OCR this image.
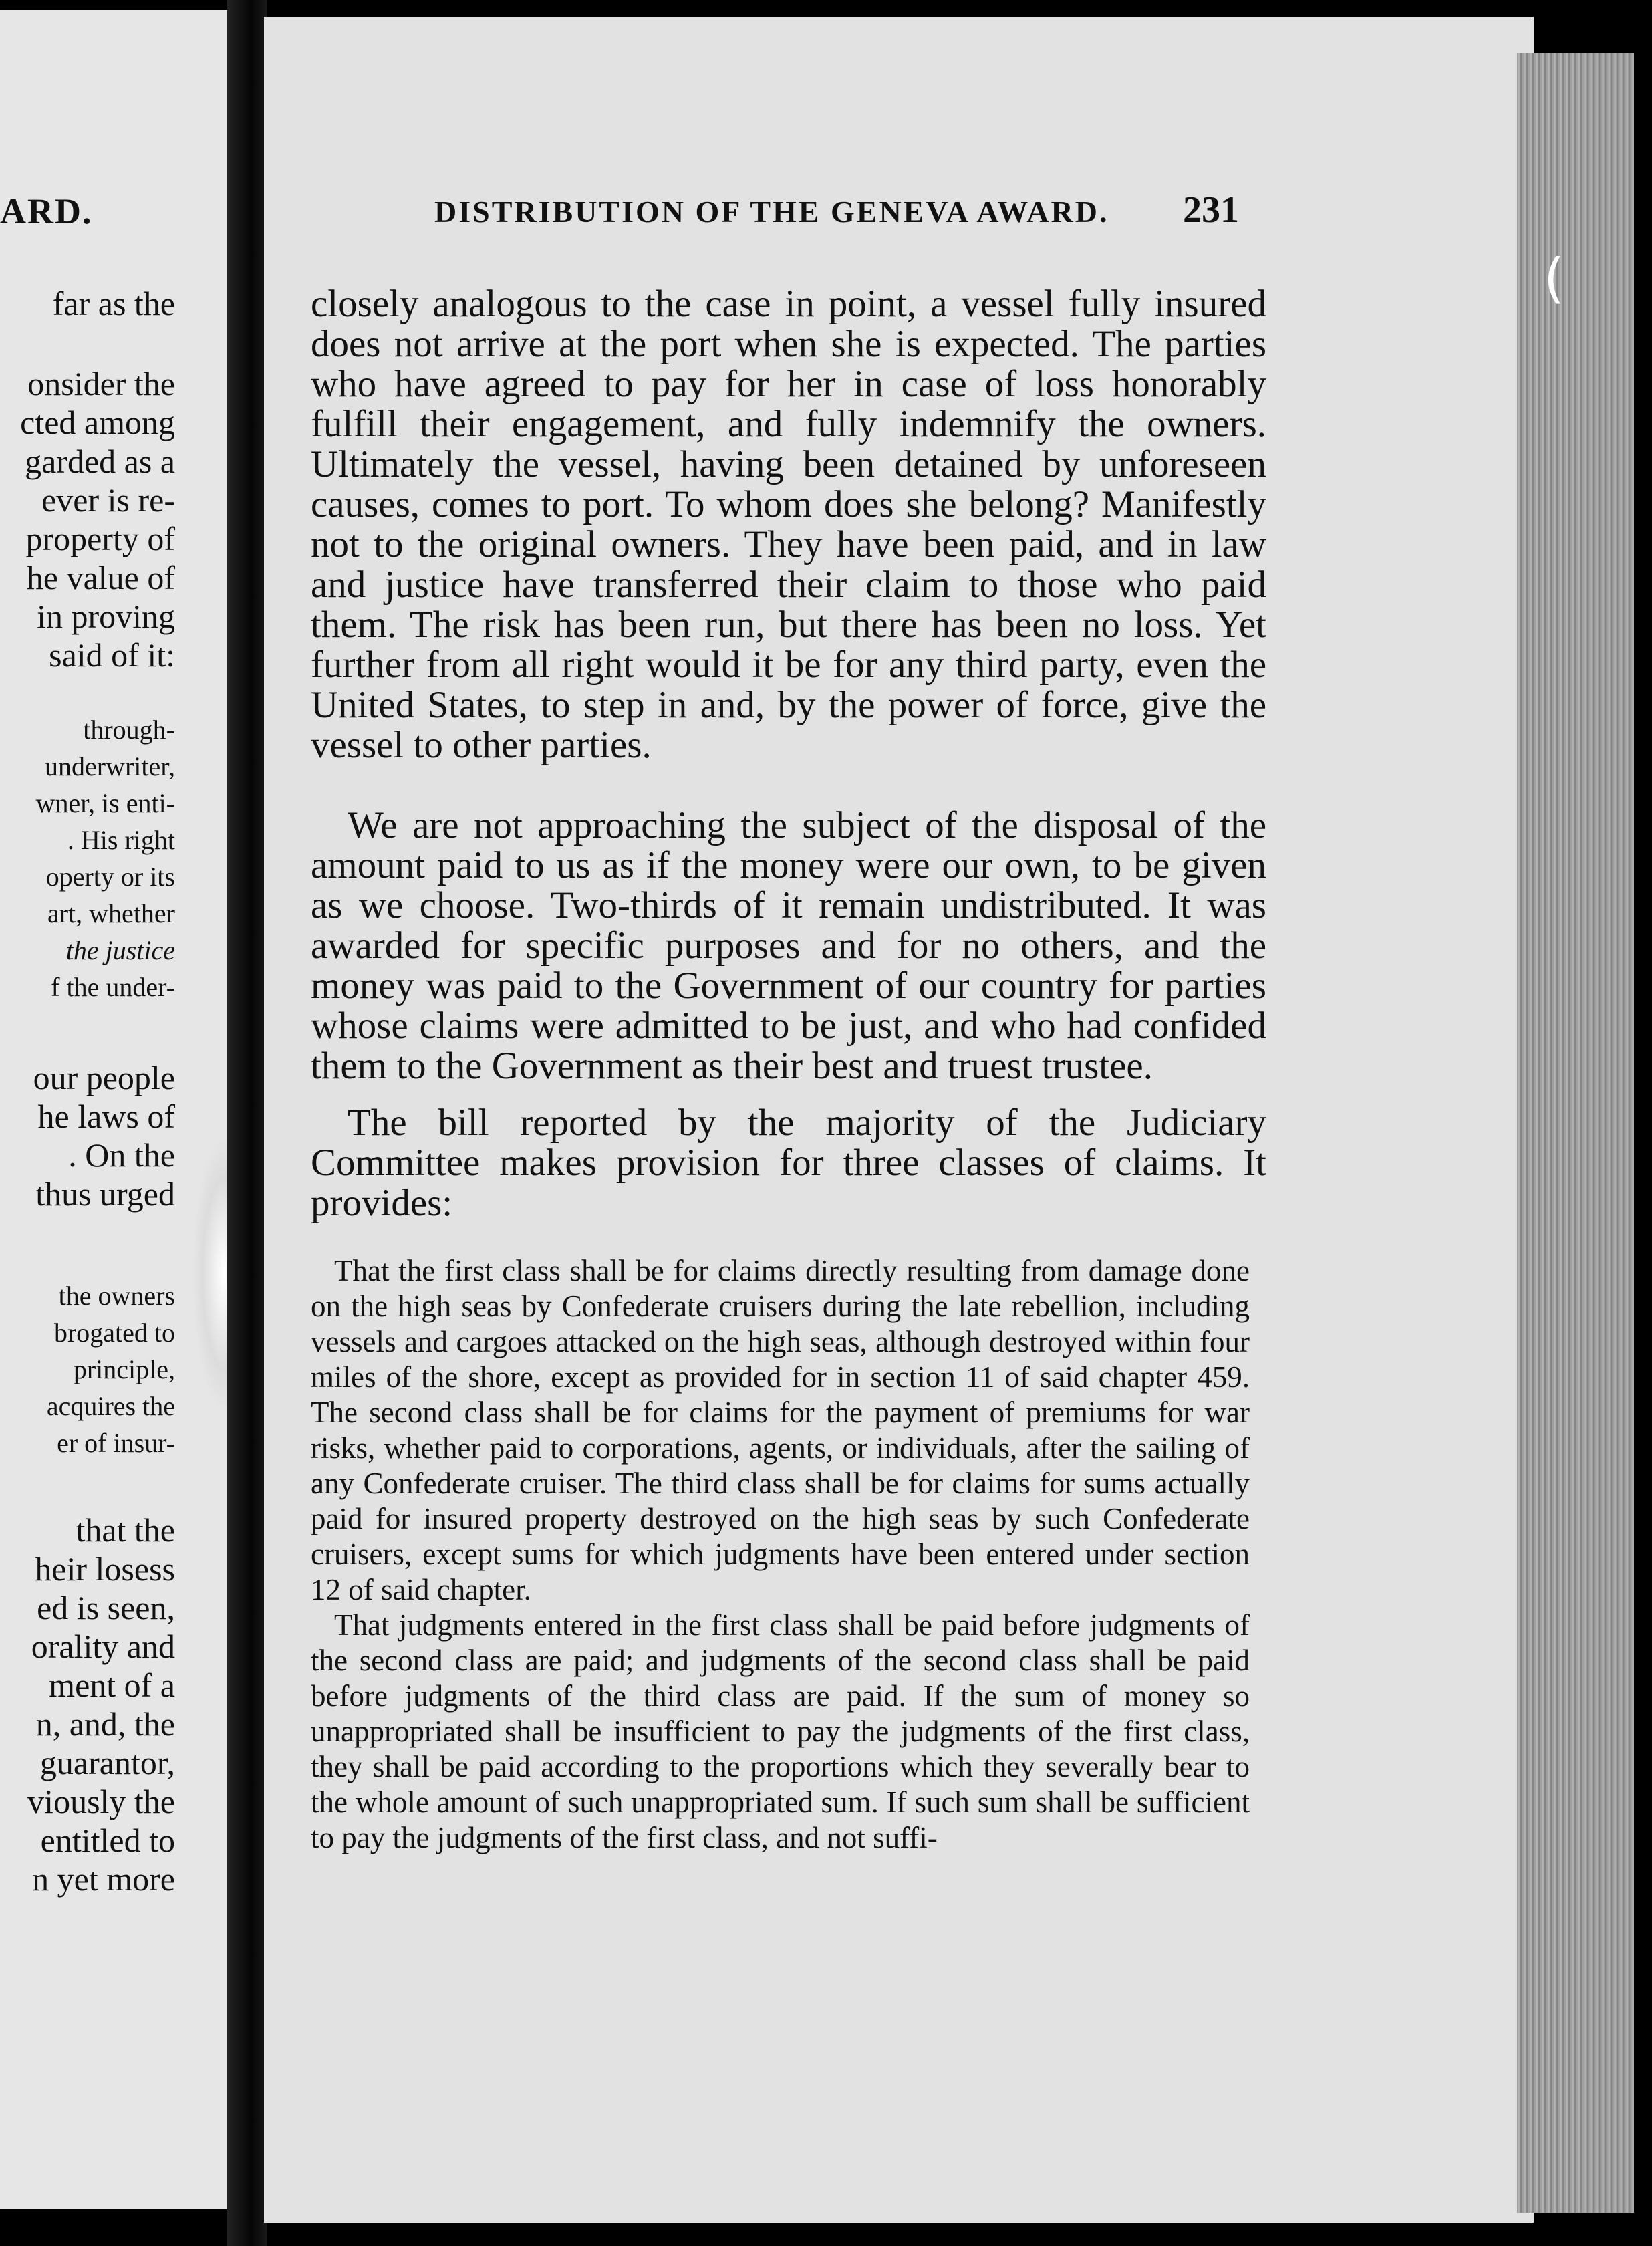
ARD.
far as the
onsider the
cted among
garded as a
ever is re-
property of
he value of
in proving
said of it:
through-
underwriter,
wner, is enti-
. His right
operty or its
art, whether
the justice
f the under-
our people
he laws of
. On the
thus urged
the owners
brogated to
principle,
acquires the
er of insur-
that the
heir losess
ed is seen,
orality and
ment of a
n, and, the
guarantor,
viously the
entitled to
n yet more
(
DISTRIBUTION OF THE GENEVA AWARD. 231

closely analogous to the case in point, a vessel fully insured does not arrive at the port when she is expected. The parties who have agreed to pay for her in case of loss honorably fulfill their engagement, and fully indemnify the owners. Ultimately the vessel, having been detained by unforeseen causes, comes to port. To whom does she belong? Manifestly not to the original owners. They have been paid, and in law and justice have transferred their claim to those who paid them. The risk has been run, but there has been no loss. Yet further from all right would it be for any third party, even the United States, to step in and, by the power of force, give the vessel to other parties.

We are not approaching the subject of the disposal of the amount paid to us as if the money were our own, to be given as we choose. Two-thirds of it remain undistributed. It was awarded for specific purposes and for no others, and the money was paid to the Government of our country for parties whose claims were admitted to be just, and who had confided them to the Government as their best and truest trustee.

The bill reported by the majority of the Judiciary Committee makes provision for three classes of claims. It provides:

That the first class shall be for claims directly resulting from damage done on the high seas by Confederate cruisers during the late rebellion, including vessels and cargoes attacked on the high seas, although destroyed within four miles of the shore, except as provided for in section 11 of said chapter 459. The second class shall be for claims for the payment of premiums for war risks, whether paid to corporations, agents, or individuals, after the sailing of any Confederate cruiser. The third class shall be for claims for sums actually paid for insured property destroyed on the high seas by such Confederate cruisers, except sums for which judgments have been entered under section 12 of said chapter.

That judgments entered in the first class shall be paid before judgments of the second class are paid; and judgments of the second class shall be paid before judgments of the third class are paid. If the sum of money so unappropriated shall be insufficient to pay the judgments of the first class, they shall be paid according to the proportions which they severally bear to the whole amount of such unappropriated sum. If such sum shall be sufficient to pay the judgments of the first class, and not suffi-
